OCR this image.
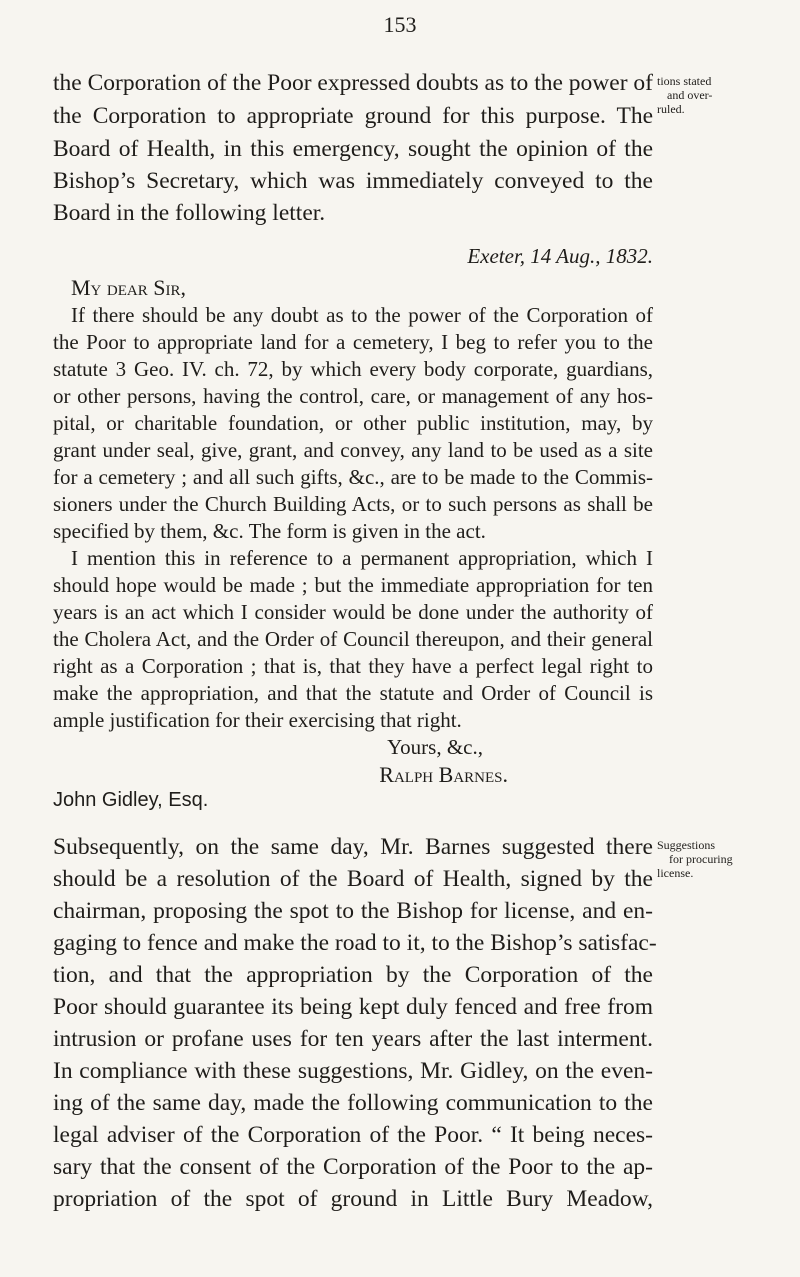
153
the Corporation of the Poor expressed doubts as to the power of
the Corporation to appropriate ground for this purpose. The
Board of Health, in this emergency, sought the opinion of the
Bishop’s Secretary, which was immediately conveyed to the
Board in the following letter.
tions stated
and over-
ruled.
Exeter, 14 Aug., 1832.
My dear Sir,
If there should be any doubt as to the power of the Corporation of
the Poor to appropriate land for a cemetery, I beg to refer you to the
statute 3 Geo. IV. ch. 72, by which every body corporate, guardians,
or other persons, having the control, care, or management of any hos-
pital, or charitable foundation, or other public institution, may, by
grant under seal, give, grant, and convey, any land to be used as a site
for a cemetery ; and all such gifts, &c., are to be made to the Commis-
sioners under the Church Building Acts, or to such persons as shall be
specified by them, &c. The form is given in the act.
I mention this in reference to a permanent appropriation, which I
should hope would be made ; but the immediate appropriation for ten
years is an act which I consider would be done under the authority of
the Cholera Act, and the Order of Council thereupon, and their general
right as a Corporation ; that is, that they have a perfect legal right to
make the appropriation, and that the statute and Order of Council is
ample justification for their exercising that right.
Yours, &c.,
Ralph Barnes.
John Gidley, Esq.
Subsequently, on the same day, Mr. Barnes suggested there
should be a resolution of the Board of Health, signed by the
chairman, proposing the spot to the Bishop for license, and en-
gaging to fence and make the road to it, to the Bishop’s satisfac-
tion, and that the appropriation by the Corporation of the
Poor should guarantee its being kept duly fenced and free from
intrusion or profane uses for ten years after the last interment.
In compliance with these suggestions, Mr. Gidley, on the even-
ing of the same day, made the following communication to the
legal adviser of the Corporation of the Poor. “ It being neces-
sary that the consent of the Corporation of the Poor to the ap-
propriation of the spot of ground in Little Bury Meadow,
Suggestions
for procuring
license.
